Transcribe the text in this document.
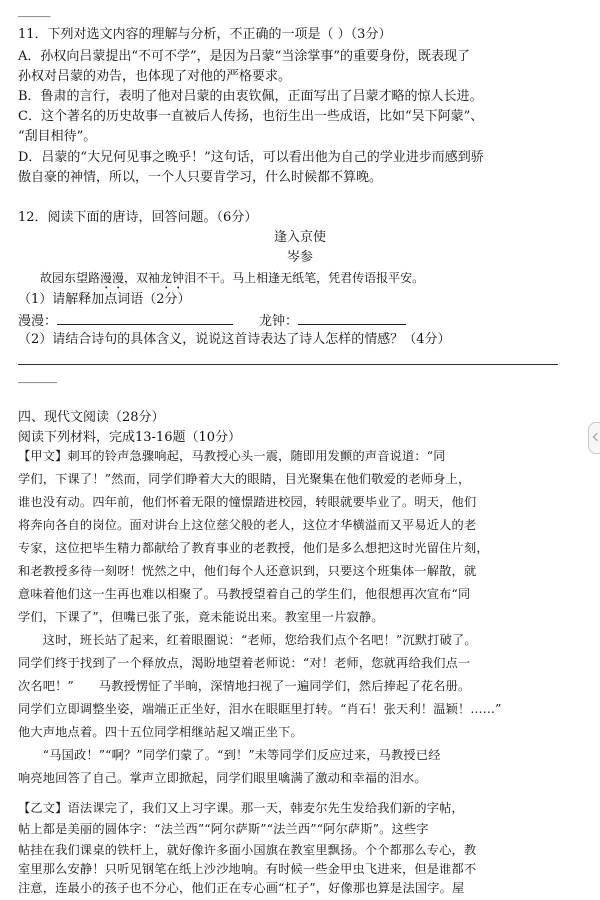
_____
11．下列对选文内容的理解与分析，不正确的一项是（ ）（3分）
A．孙权向吕蒙提出“不可不学”，是因为吕蒙“当涂掌事”的重要身份，既表现了
孙权对吕蒙的劝告，也体现了对他的严格要求。
B．鲁肃的言行，表明了他对吕蒙的由衷钦佩，正面写出了吕蒙才略的惊人长进。
C．这个著名的历史故事一直被后人传扬，也衍生出一些成语，比如“吴下阿蒙”、
“刮目相待”。
D．吕蒙的“大兄何见事之晚乎！”这句话，可以看出他为自己的学业进步而感到骄
傲自豪的神情，所以，一个人只要肯学习，什么时候都不算晚。
12．阅读下面的唐诗，回答问题。（6分）
逢入京使
岑参
故园东望路漫漫，双袖龙钟泪不干。马上相逢无纸笔，凭君传语报平安。
（1）请解释加点词语（2分）
漫漫：	龙钟：
（2）请结合诗句的具体含义，说说这首诗表达了诗人怎样的情感？（4分）
______
四、现代文阅读（28分）
阅读下列材料，完成13-16题（10分）
【甲文】刺耳的铃声急骤响起，马教授心头一震，随即用发颤的声音说道：“同
学们，下课了！”然而，同学们睁着大大的眼睛，目光聚集在他们敬爱的老师身上，
谁也没有动。四年前，他们怀着无限的憧憬踏进校园，转眼就要毕业了。明天，他们
将奔向各自的岗位。面对讲台上这位慈父般的老人，这位才华横溢而又平易近人的老
专家，这位把毕生精力都献给了教育事业的老教授，他们是多么想把这时光留住片刻，
和老教授多待一刻呀！恍然之中，他们每个人还意识到，只要这个班集体一解散，就
意味着他们这一生再也难以相聚了。马教授望着自己的学生们，他很想再次宣布“同
学们，下课了”，但嘴已张了张，竟未能说出来。教室里一片寂静。
　　这时，班长站了起来，红着眼圈说：“老师，您给我们点个名吧！”沉默打破了。
同学们终于找到了一个释放点，渴盼地望着老师说：“对！老师，您就再给我们点一
次名吧！”　　马教授愣怔了半晌，深情地扫视了一遍同学们，然后捧起了花名册。
同学们立即调整坐姿，端端正正坐好，泪水在眼眶里打转。“肖石！张天利！温颖！……”
他大声地点着。四十五位同学相继站起又端正坐下。
　　“马国政！”“啊？”同学们蒙了。“到！”未等同学们反应过来，马教授已经
响亮地回答了自己。掌声立即掀起，同学们眼里噙满了激动和幸福的泪水。
【乙文】语法课完了，我们又上习字课。那一天，韩麦尔先生发给我们新的字帖，
帖上都是美丽的圆体字：“法兰西”“阿尔萨斯”“法兰西”“阿尔萨斯”。这些字
帖挂在我们课桌的铁杆上，就好像许多面小国旗在教室里飘扬。个个都那么专心，教
室里那么安静！只听见钢笔在纸上沙沙地响。有时候一些金甲虫飞进来，但是谁都不
注意，连最小的孩子也不分心，他们正在专心画“杠子”，好像那也算是法国字。屋
